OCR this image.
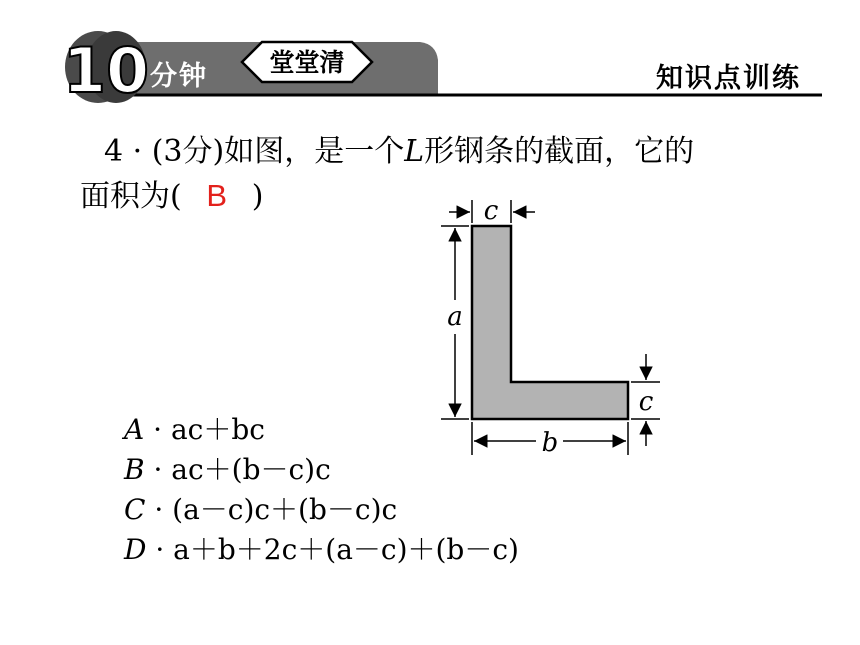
10	堂堂清
分钟	知识点训练
4 · (3分)如图，是一个L形钢条的截面，它的
面积为( B )	c
a
c
b
A · ac＋bc
B · ac＋(b－c)c
C · (a－c)c＋(b－c)c
D · a＋b＋2c＋(a－c)＋(b－c)
